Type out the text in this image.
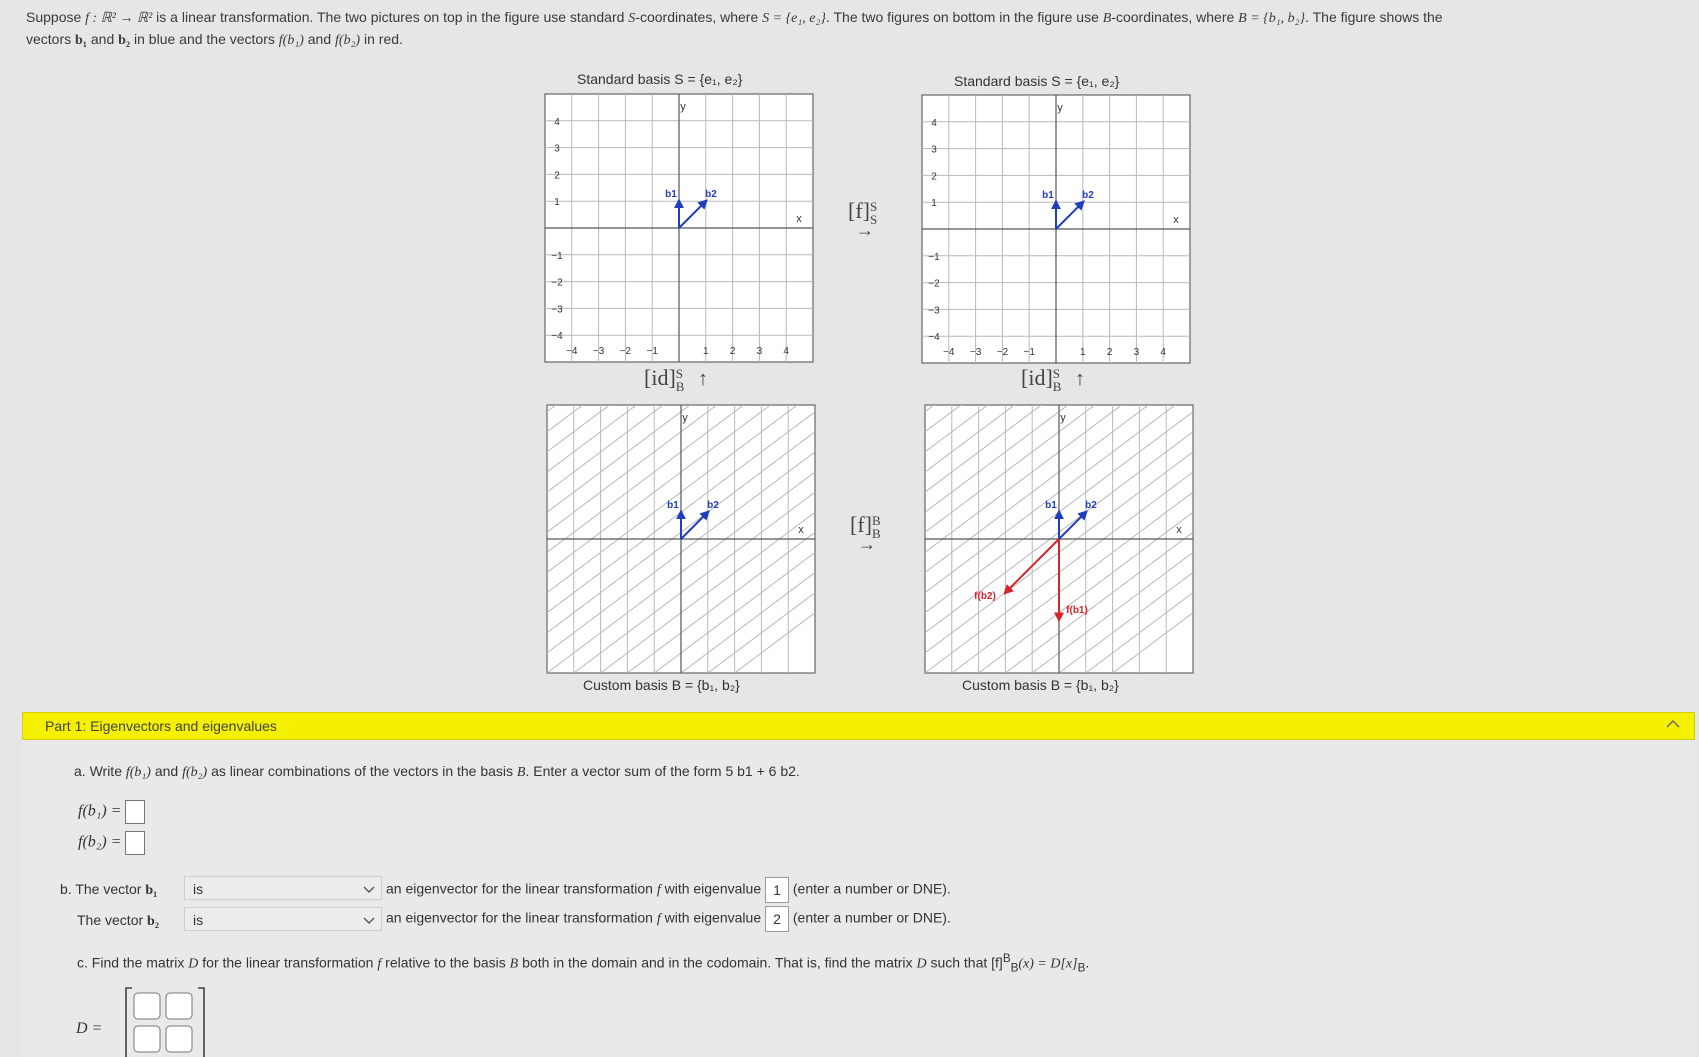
Suppose f : ℝ² → ℝ² is a linear transformation. The two pictures on top in the figure use standard S-coordinates, where S = {e₁, e₂}. The two figures on bottom in the figure use B-coordinates, where B = {b₁, b₂}. The figure shows the
vectors b₁ and b₂ in blue and the vectors f(b₁) and f(b₂) in red.
Standard basis S = {e₁, e₂}	Standard basis S = {e₁, e₂}
Custom basis B = {b₁, b₂}	Custom basis B = {b₁, b₂}
y
x
−4 −3 −2 −1	1 2 3 4
4
3
2
1
−1
−2
−3
−4
b1	b2
y
x
−4 −3 −2 −1	1 2 3 4
4
3
2
1
−1
−2
−3
−4
b1	b2
y
x
b1	b2
y
x
b1	b2
f(b1)
f(b2)
[f] S
S
→
[f] B
B
→
[id] S
B ↑	[id] S
B ↑
Part 1: Eigenvectors and eigenvalues
a. Write f(b₁) and f(b₂) as linear combinations of the vectors in the basis B. Enter a vector sum of the form 5 b1 + 6 b2.
f(b₁) =
f(b₂) =
b. The vector b₁	is	an eigenvector for the linear transformation f with eigenvalue 1 (enter a number or DNE).
The vector b₂	is	an eigenvector for the linear transformation f with eigenvalue 2 (enter a number or DNE).
c. Find the matrix D for the linear transformation f relative to the basis B both in the domain and in the codomain. That is, find the matrix D such that $[f]^B_B(x) = D[x]_B$.
D =
